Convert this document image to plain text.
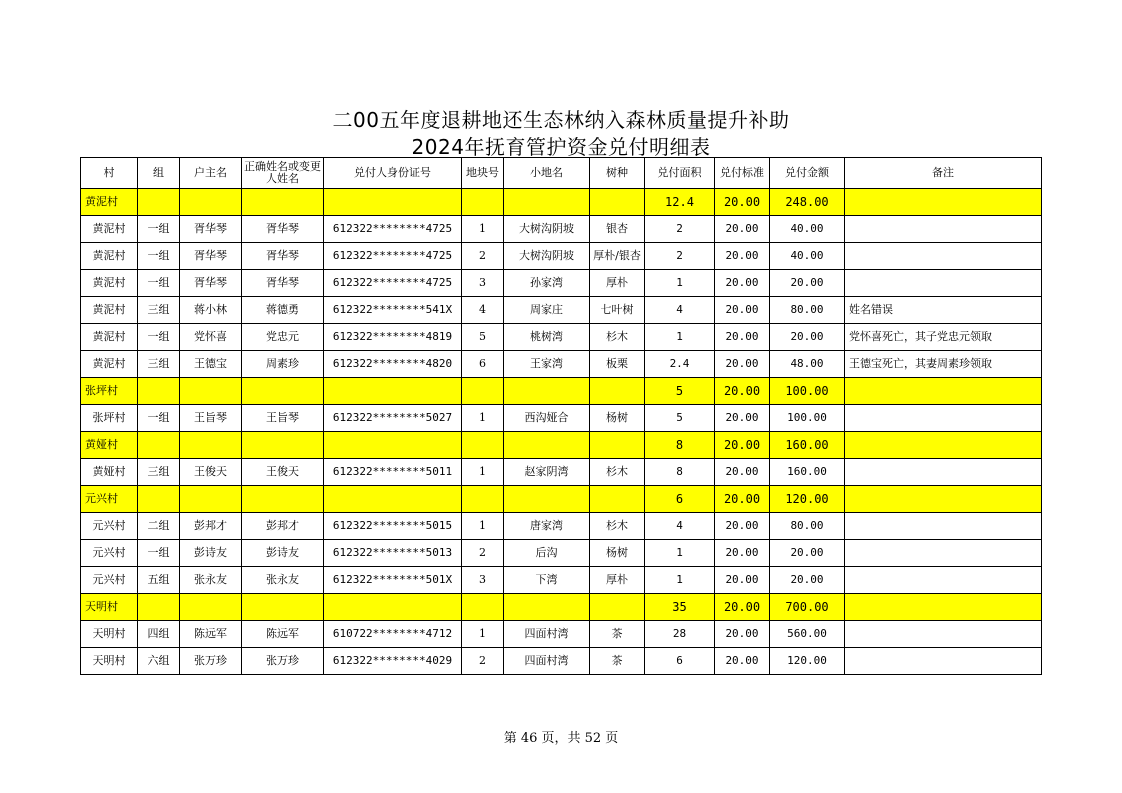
二00五年度退耕地还生态林纳入森林质量提升补助
2024年抚育管护资金兑付明细表
村	组	户主名	正确姓名或变更人姓名	兑付人身份证号	地块号	小地名	树种	兑付面积	兑付标准	兑付金额	备注
黄泥村								12.4	20.00	248.00	
黄泥村	一组	胥华琴	胥华琴	612322********4725	1	大树沟阴坡	银杏	2	20.00	40.00	
黄泥村	一组	胥华琴	胥华琴	612322********4725	2	大树沟阴坡	厚朴/银杏	2	20.00	40.00	
黄泥村	一组	胥华琴	胥华琴	612322********4725	3	孙家湾	厚朴	1	20.00	20.00	
黄泥村	三组	蒋小林	蒋德勇	612322********541X	4	周家庄	七叶树	4	20.00	80.00	姓名错误
黄泥村	一组	党怀喜	党忠元	612322********4819	5	桃树湾	杉木	1	20.00	20.00	党怀喜死亡，其子党忠元领取
黄泥村	三组	王德宝	周素珍	612322********4820	6	王家湾	板栗	2.4	20.00	48.00	王德宝死亡，其妻周素珍领取
张坪村								5	20.00	100.00	
张坪村	一组	王旨琴	王旨琴	612322********5027	1	西沟娅合	杨树	5	20.00	100.00	
黄娅村								8	20.00	160.00	
黄娅村	三组	王俊天	王俊天	612322********5011	1	赵家阴湾	杉木	8	20.00	160.00	
元兴村								6	20.00	120.00	
元兴村	二组	彭邦才	彭邦才	612322********5015	1	唐家湾	杉木	4	20.00	80.00	
元兴村	一组	彭诗友	彭诗友	612322********5013	2	后沟	杨树	1	20.00	20.00	
元兴村	五组	张永友	张永友	612322********501X	3	下湾	厚朴	1	20.00	20.00	
天明村								35	20.00	700.00	
天明村	四组	陈远军	陈远军	610722********4712	1	四面村湾	茶	28	20.00	560.00	
天明村	六组	张万珍	张万珍	612322********4029	2	四面村湾	茶	6	20.00	120.00	
第 46 页，共 52 页
